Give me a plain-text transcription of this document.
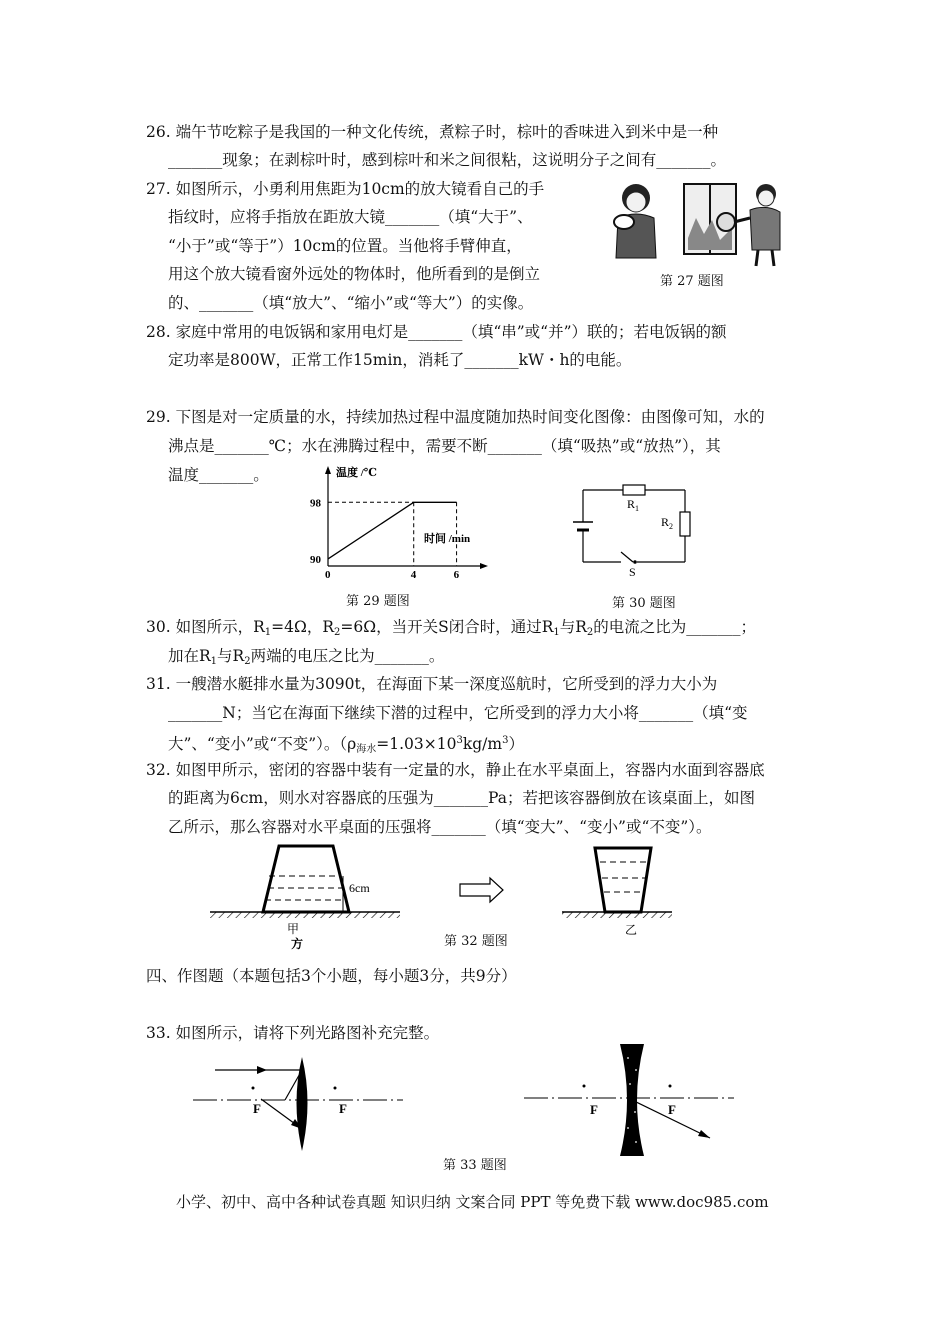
26. 端午节吃粽子是我国的一种文化传统，煮粽子时，棕叶的香味进入到米中是一种
_______现象；在剥棕叶时，感到棕叶和米之间很粘，这说明分子之间有_______。
27. 如图所示，小勇利用焦距为10cm的放大镜看自己的手
指纹时，应将手指放在距放大镜_______（填“大于”、
“小于”或“等于”）10cm的位置。当他将手臂伸直，
用这个放大镜看窗外远处的物体时，他所看到的是倒立
的、_______（填“放大”、“缩小”或“等大”）的实像。
第 27 题图
28. 家庭中常用的电饭锅和家用电灯是_______（填“串”或“并”）联的；若电饭锅的额
定功率是800W，正常工作15min，消耗了_______kW・h的电能。
29. 下图是对一定质量的水，持续加热过程中温度随加热时间变化图像：由图像可知，水的
沸点是_______℃；水在沸腾过程中，需要不断_______（填“吸热”或“放热”），其
温度_______。	温度 /℃
时间 /min
0	4	6
90
98
第 29 题图
$R_1$
$R_2$
S
第 30 题图
30. 如图所示，$R_1=4\Omega$，$R_2=6\Omega$，当开关S闭合时，通过$R_1$与$R_2$的电流之比为_______；
加在$R_1$与$R_2$两端的电压之比为_______。
31. 一艘潜水艇排水量为3090t，在海面下某一深度巡航时，它所受到的浮力大小为
_______N；当它在海面下继续下潜的过程中，它所受到的浮力大小将_______（填“变
大”、“变小”或“不变”）。$(\rho_{海水}=1.03\times 10^3kg/m^3)$
32. 如图甲所示，密闭的容器中装有一定量的水，静止在水平桌面上，容器内水面到容器底
的距离为6cm，则水对容器底的压强为_______Pa；若把该容器倒放在该桌面上，如图
乙所示，那么容器对水平桌面的压强将_______（填“变大”、“变小”或“不变”）。
6cm
甲
方
乙
第 32 题图
四、作图题（本题包括3个小题，每小题3分，共9分）
33. 如图所示，请将下列光路图补充完整。
F	F	F	F
第 33 题图
小学、初中、高中各种试卷真题 知识归纳 文案合同 PPT 等免费下载 www.doc985.com
